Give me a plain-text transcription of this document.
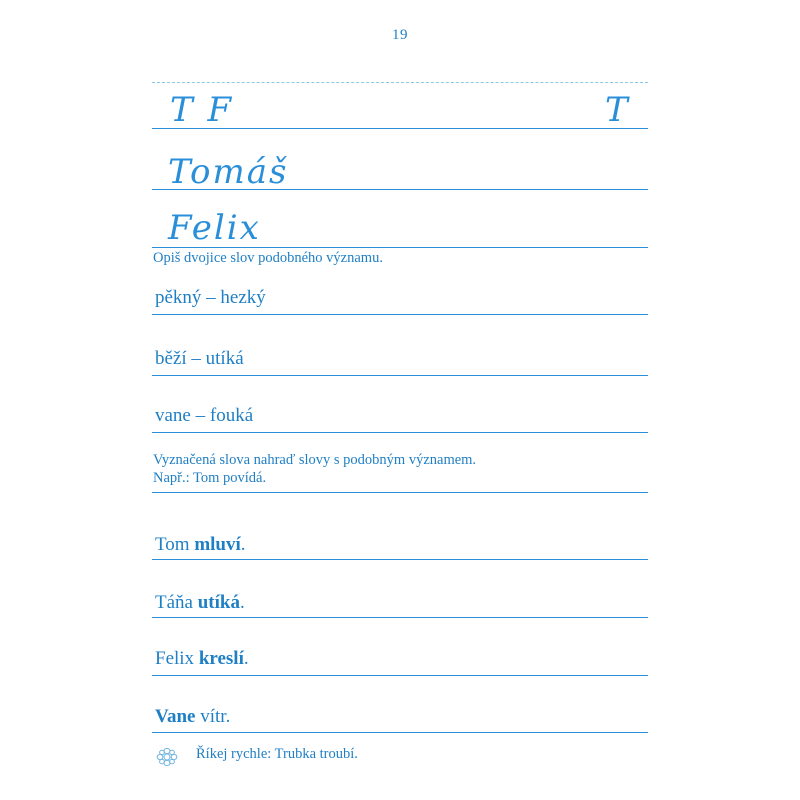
19
T F	T
Tomáš
Felix
Opiš dvojice slov podobného významu.
pěkný – hezký
běží – utíká
vane – fouká
Vyznačená slova nahraď slovy s podobným významem.
Např.: Tom povídá.
Tom mluví.
Táňa utíká.
Felix kreslí.
Vane vítr.
Říkej rychle: Trubka troubí.
